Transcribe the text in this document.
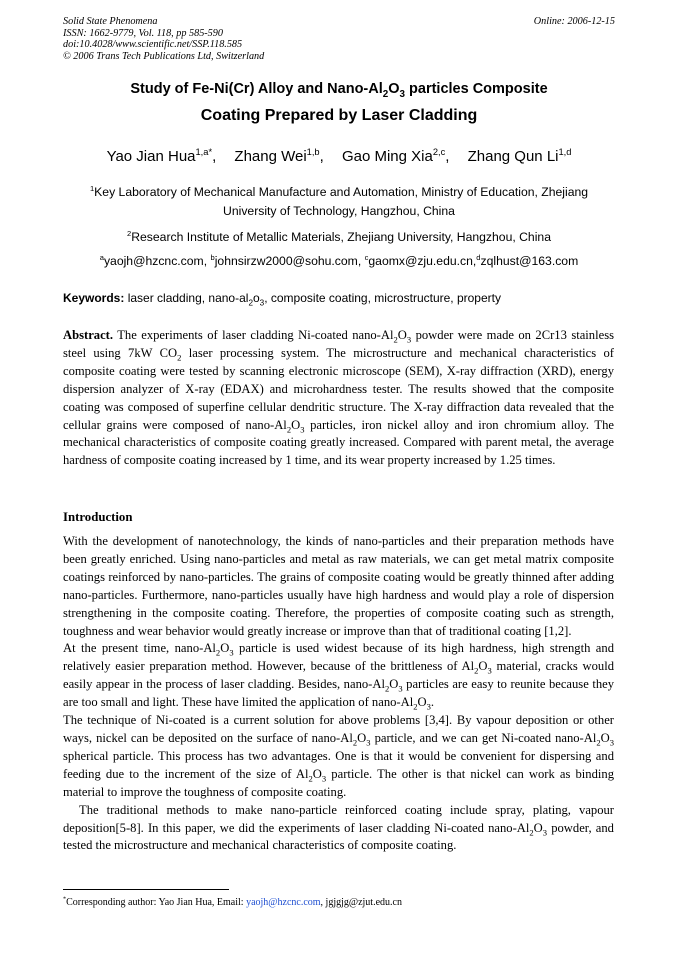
Solid State Phenomena
ISSN: 1662-9779, Vol. 118, pp 585-590
doi:10.4028/www.scientific.net/SSP.118.585
© 2006 Trans Tech Publications Ltd, Switzerland
Online: 2006-12-15
Study of Fe-Ni(Cr) Alloy and Nano-$Al_2O_3$ particles Composite
Coating Prepared by Laser Cladding
Yao Jian Hua$^{1,a*}$, Zhang Wei$^{1,b}$, Gao Ming Xia$^{2,c}$, Zhang Qun Li$^{1,d}$
$^1$Key Laboratory of Mechanical Manufacture and Automation, Ministry of Education, Zhejiang
University of Technology, Hangzhou, China
$^2$Research Institute of Metallic Materials, Zhejiang University, Hangzhou, China
$^a$yaojh@hzcnc.com, $^b$johnsirzw2000@sohu.com, $^c$gaomx@zju.edu.cn,$^d$zqlhust@163.com
Keywords: laser cladding, nano-$al_2o_3$, composite coating, microstructure, property
Abstract. The experiments of laser cladding Ni-coated nano-$Al_2O_3$ powder were made on 2Cr13 stainless steel using 7kW $CO_2$ laser processing system. The microstructure and mechanical characteristics of composite coating were tested by scanning electronic microscope (SEM), X-ray diffraction (XRD), energy dispersion analyzer of X-ray (EDAX) and microhardness tester. The results showed that the composite coating was composed of superfine cellular dendritic structure. The X-ray diffraction data revealed that the cellular grains were composed of nano-$Al_2O_3$ particles, iron nickel alloy and iron chromium alloy. The mechanical characteristics of composite coating greatly increased. Compared with parent metal, the average hardness of composite coating increased by 1 time, and its wear property increased by 1.25 times.
Introduction
With the development of nanotechnology, the kinds of nano-particles and their preparation methods have been greatly enriched. Using nano-particles and metal as raw materials, we can get metal matrix composite coatings reinforced by nano-particles. The grains of composite coating would be greatly thinned after adding nano-particles. Furthermore, nano-particles usually have high hardness and would play a role of dispersion strengthening in the composite coating. Therefore, the properties of composite coating such as strength, toughness and wear behavior would greatly increase or improve than that of traditional coating [1,2].
At the present time, nano-$Al_2O_3$ particle is used widest because of its high hardness, high strength and relatively easier preparation method. However, because of the brittleness of $Al_2O_3$ material, cracks would easily appear in the process of laser cladding. Besides, nano-$Al_2O_3$ particles are easy to reunite because they are too small and light. These have limited the application of nano-$Al_2O_3$.
The technique of Ni-coated is a current solution for above problems [3,4]. By vapour deposition or other ways, nickel can be deposited on the surface of nano-$Al_2O_3$ particle, and we can get Ni-coated nano-$Al_2O_3$ spherical particle. This process has two advantages. One is that it would be convenient for dispersing and feeding due to the increment of the size of $Al_2O_3$ particle. The other is that nickel can work as binding material to improve the toughness of composite coating.
The traditional methods to make nano-particle reinforced coating include spray, plating, vapour deposition[5-8]. In this paper, we did the experiments of laser cladding Ni-coated nano-$Al_2O_3$ powder, and tested the microstructure and mechanical characteristics of composite coating.
*Corresponding author: Yao Jian Hua, Email: yaojh@hzcnc.com, jgjgjg@zjut.edu.cn
